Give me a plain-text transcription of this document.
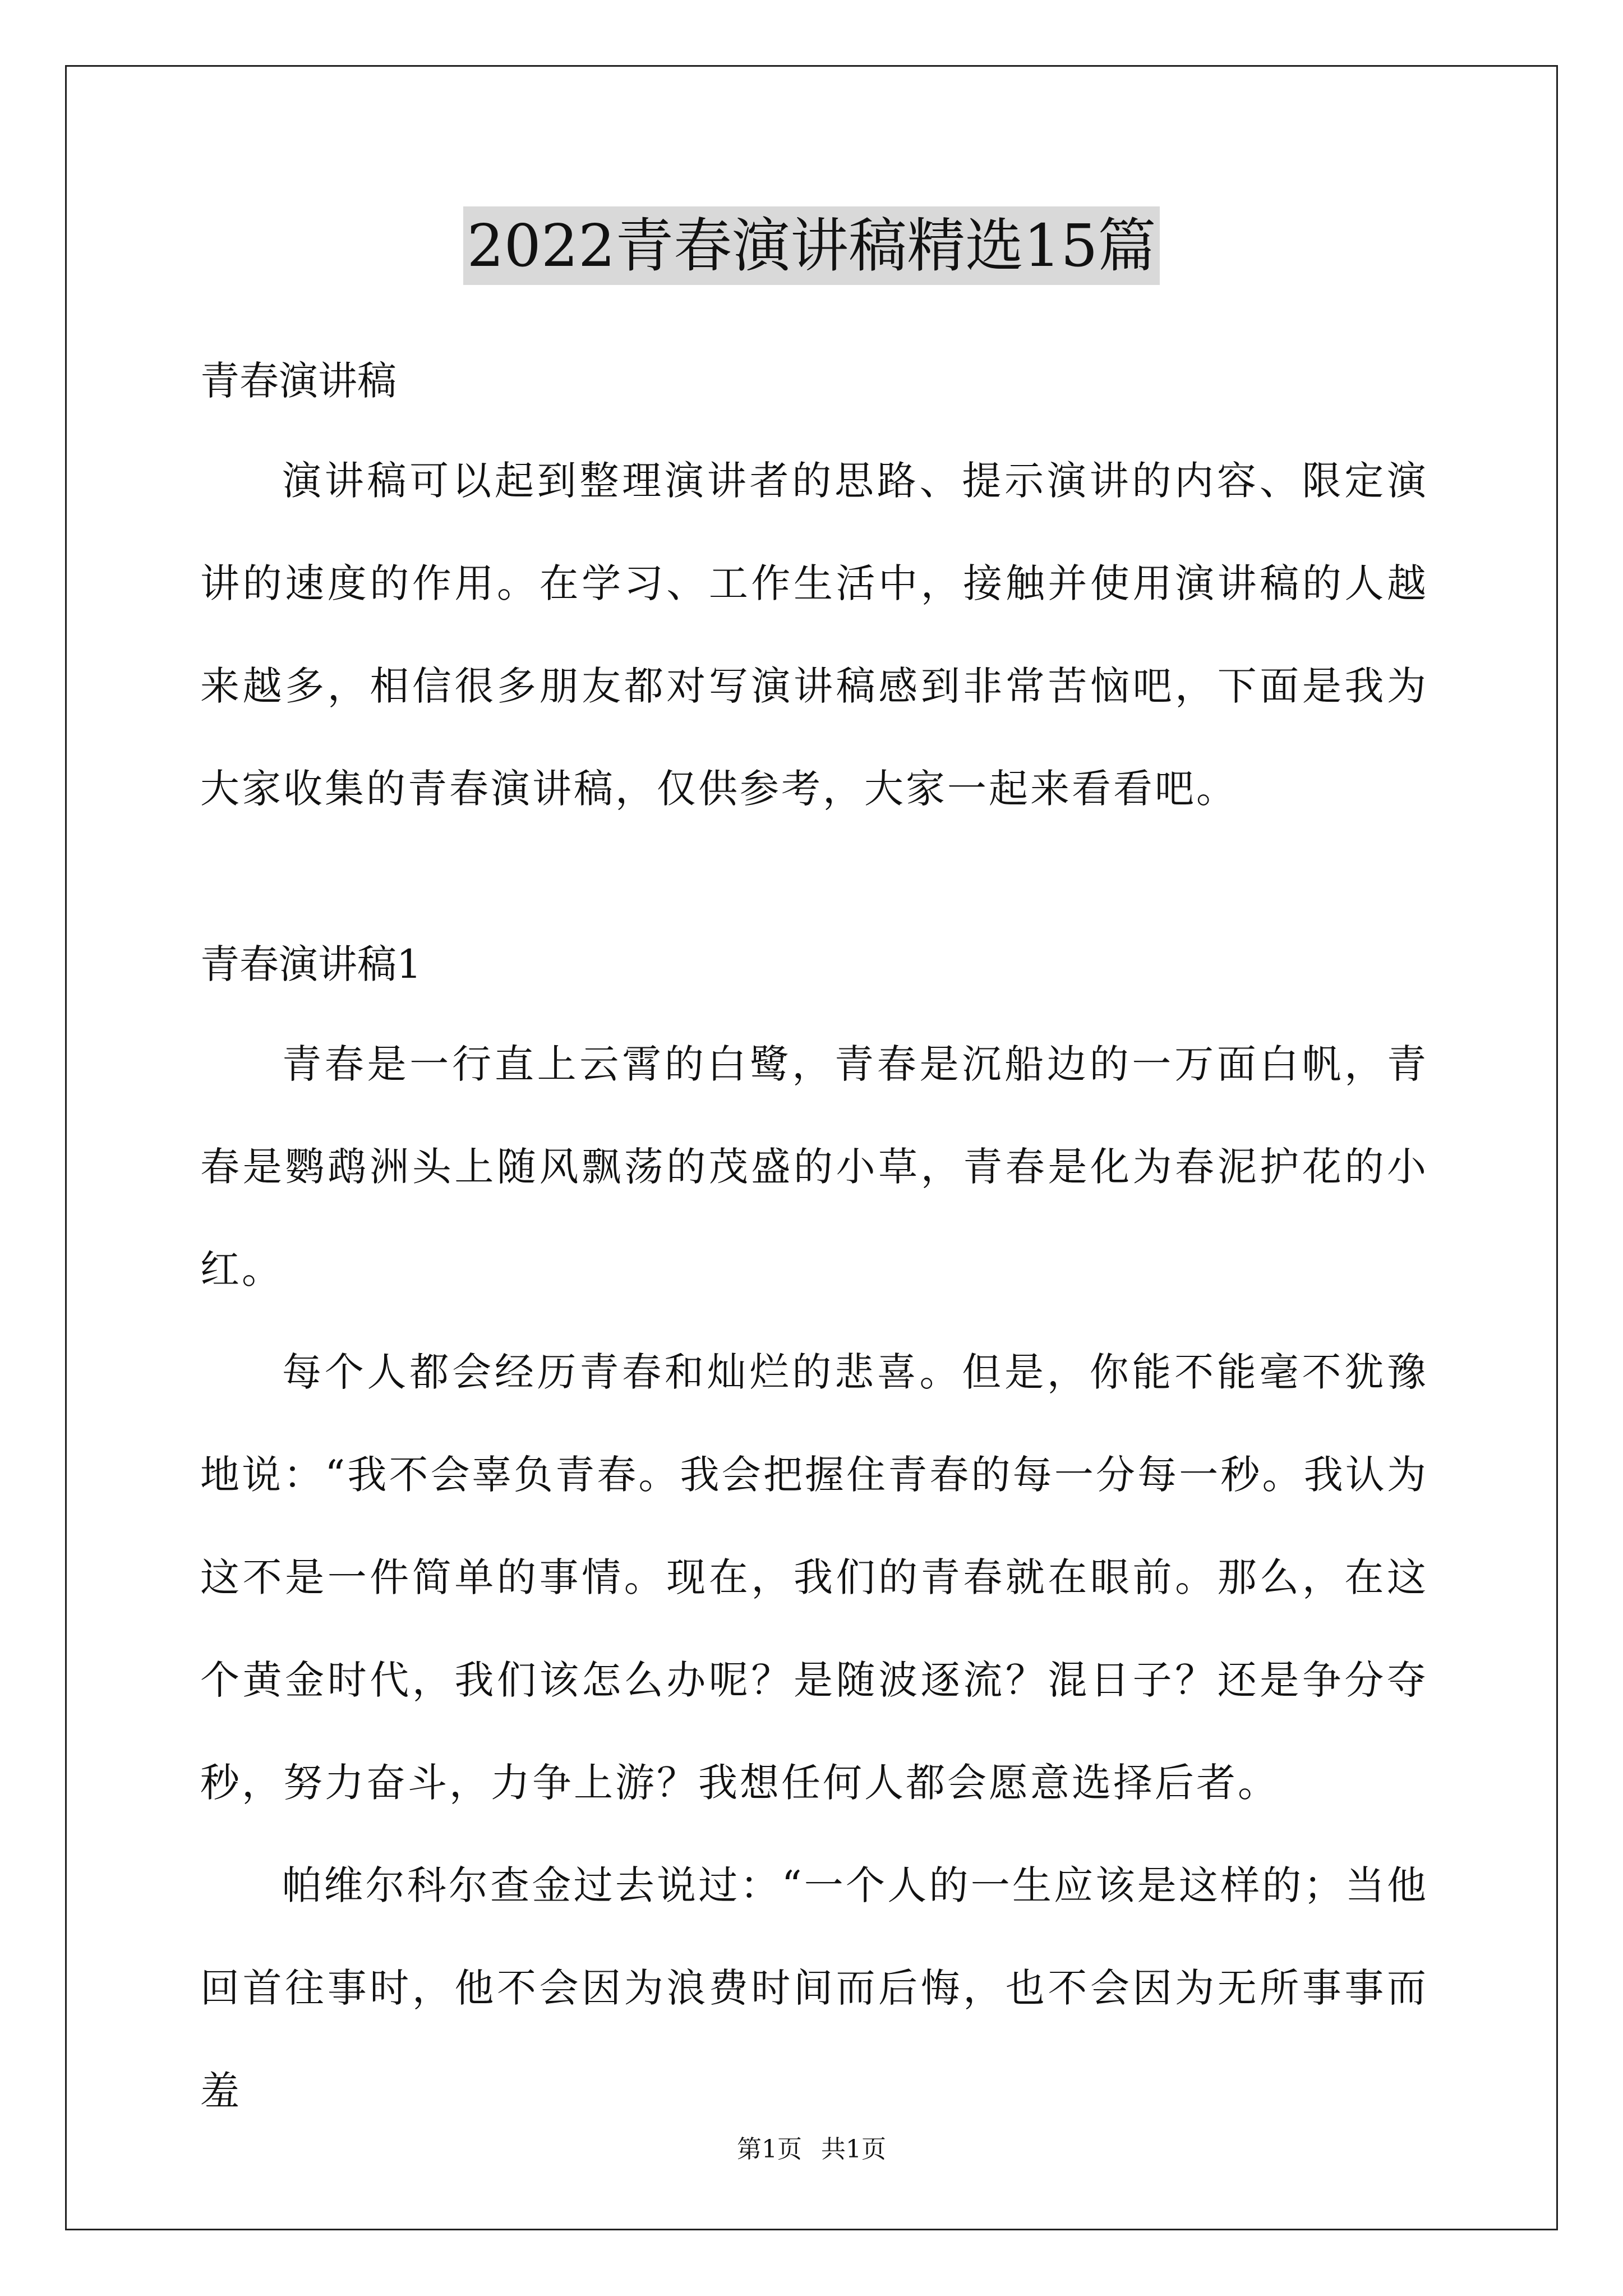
2022青春演讲稿精选15篇
青春演讲稿

演讲稿可以起到整理演讲者的思路、提示演讲的内容、限定演讲的速度的作用。在学习、工作生活中，接触并使用演讲稿的人越来越多，相信很多朋友都对写演讲稿感到非常苦恼吧，下面是我为大家收集的青春演讲稿，仅供参考，大家一起来看看吧。

青春演讲稿1

青春是一行直上云霄的白鹭，青春是沉船边的一万面白帆，青春是鹦鹉洲头上随风飘荡的茂盛的小草，青春是化为春泥护花的小红。

每个人都会经历青春和灿烂的悲喜。但是，你能不能毫不犹豫地说：“我不会辜负青春。我会把握住青春的每一分每一秒。我认为这不是一件简单的事情。现在，我们的青春就在眼前。那么，在这个黄金时代，我们该怎么办呢？是随波逐流？混日子？还是争分夺秒，努力奋斗，力争上游？我想任何人都会愿意选择后者。

帕维尔科尔查金过去说过：“一个人的一生应该是这样的；当他回首往事时，他不会因为浪费时间而后悔，也不会因为无所事事而羞

第1页 共1页
